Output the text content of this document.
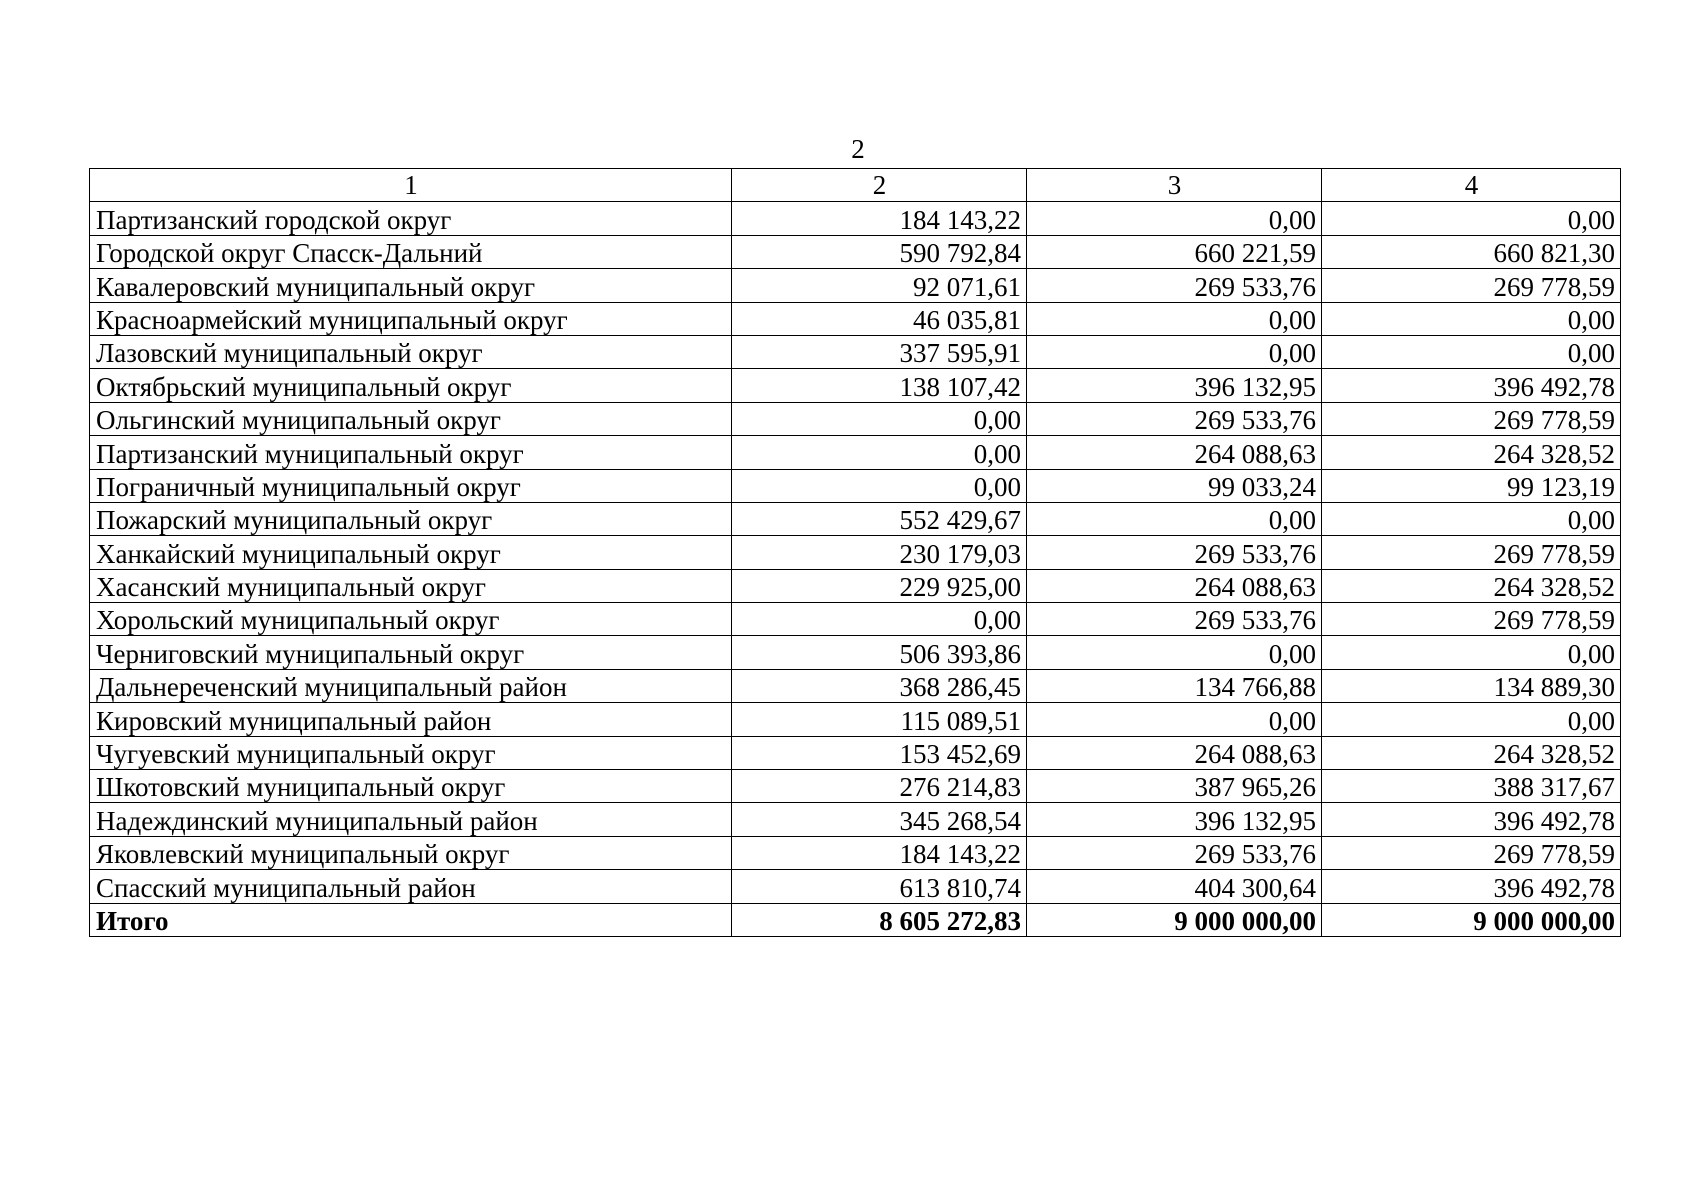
2
1	2	3	4
Партизанский городской округ	184 143,22	0,00	0,00
Городской округ Спасск-Дальний	590 792,84	660 221,59	660 821,30
Кавалеровский муниципальный округ	92 071,61	269 533,76	269 778,59
Красноармейский муниципальный округ	46 035,81	0,00	0,00
Лазовский муниципальный округ	337 595,91	0,00	0,00
Октябрьский муниципальный округ	138 107,42	396 132,95	396 492,78
Ольгинский муниципальный округ	0,00	269 533,76	269 778,59
Партизанский муниципальный округ	0,00	264 088,63	264 328,52
Пограничный муниципальный округ	0,00	99 033,24	99 123,19
Пожарский муниципальный округ	552 429,67	0,00	0,00
Ханкайский муниципальный округ	230 179,03	269 533,76	269 778,59
Хасанский муниципальный округ	229 925,00	264 088,63	264 328,52
Хорольский муниципальный округ	0,00	269 533,76	269 778,59
Черниговский муниципальный округ	506 393,86	0,00	0,00
Дальнереченский муниципальный район	368 286,45	134 766,88	134 889,30
Кировский муниципальный район	115 089,51	0,00	0,00
Чугуевский муниципальный округ	153 452,69	264 088,63	264 328,52
Шкотовский муниципальный округ	276 214,83	387 965,26	388 317,67
Надеждинский муниципальный район	345 268,54	396 132,95	396 492,78
Яковлевский муниципальный округ	184 143,22	269 533,76	269 778,59
Спасский муниципальный район	613 810,74	404 300,64	396 492,78
Итого	8 605 272,83	9 000 000,00	9 000 000,00
